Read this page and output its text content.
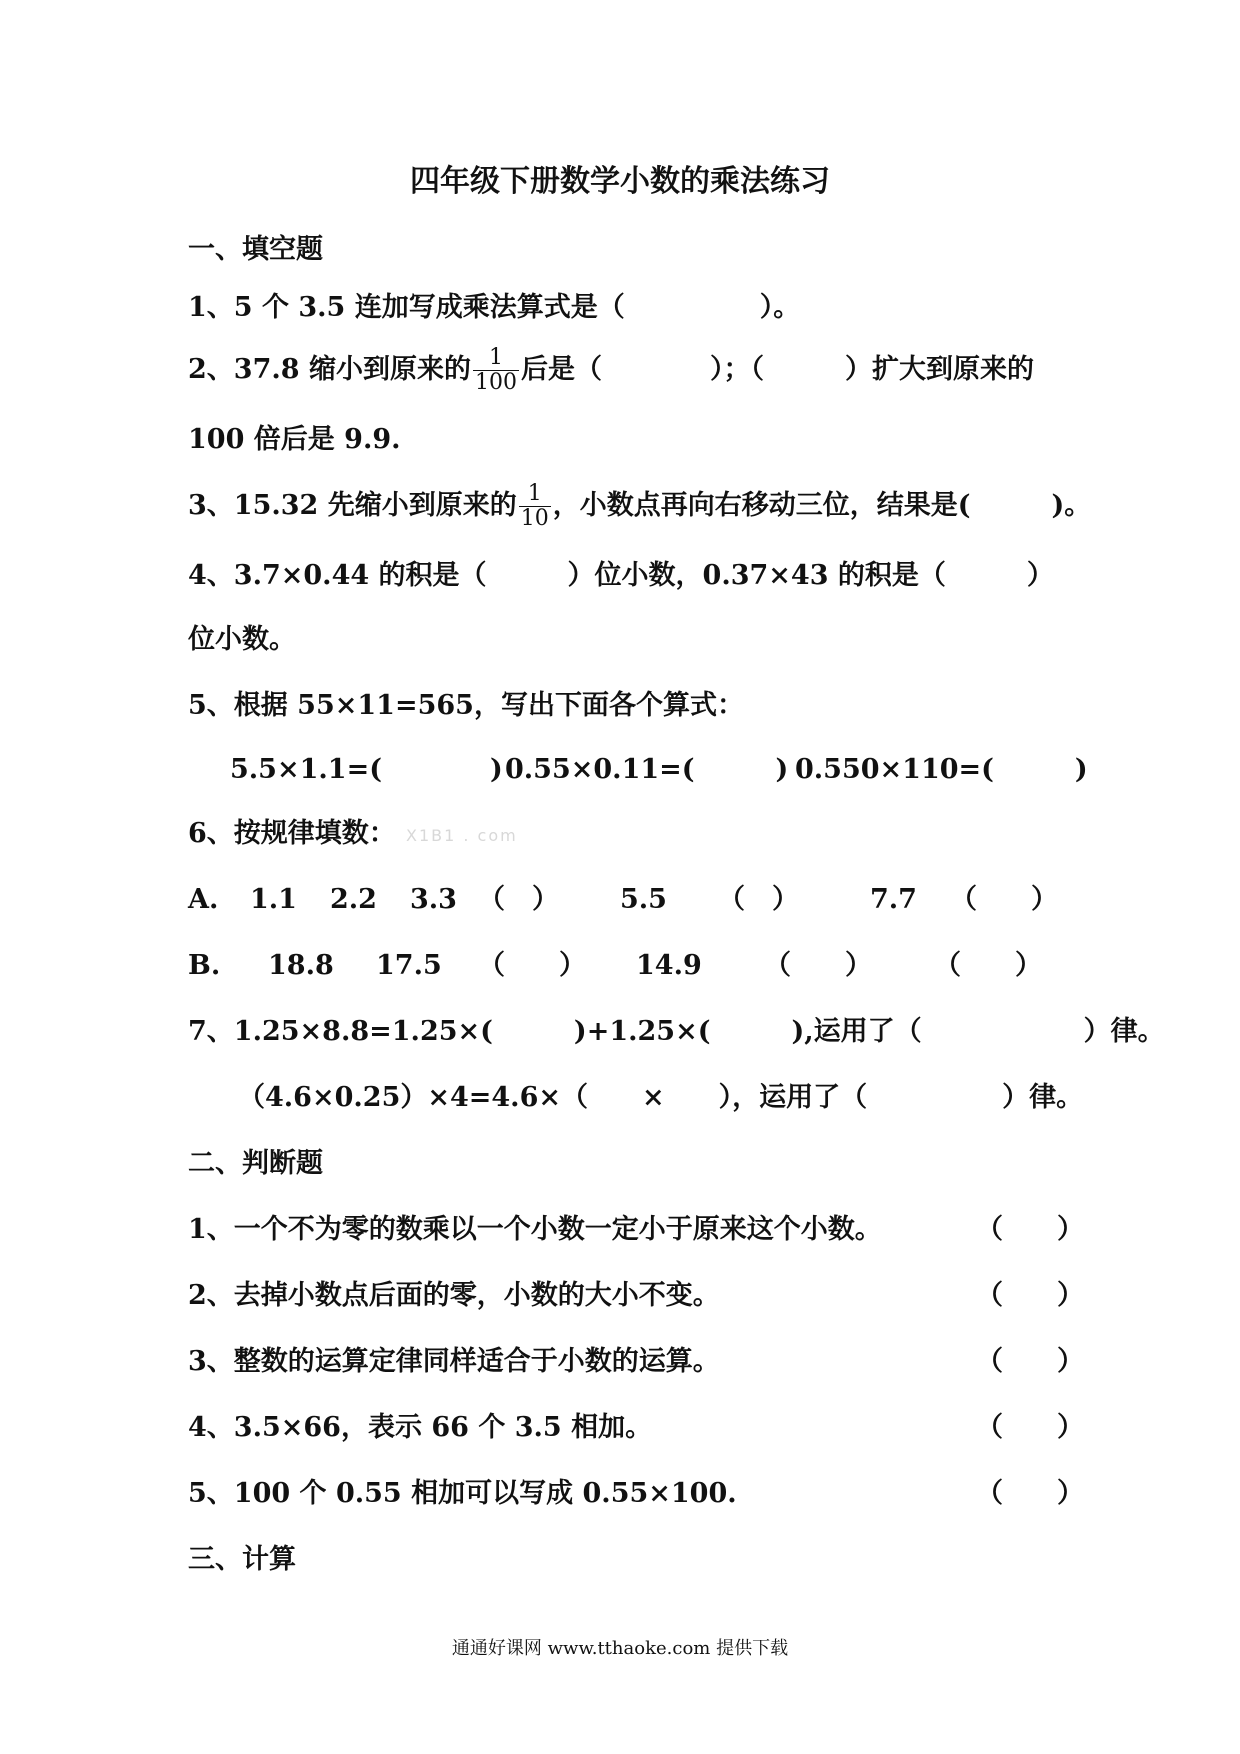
四年级下册数学小数的乘法练习
一、填空题
1、5 个 3.5 连加写成乘法算式是（　　　　　）。
2、37.8 缩小到原来的 $\frac{1}{100}$ 后是（　　　　）；（　　　）扩大到原来的
100 倍后是 9.9.
3、15.32 先缩小到原来的 $\frac{1}{10}$ ，小数点再向右移动三位，结果是(　　　)。
4、3.7×0.44 的积是（　　　）位小数，0.37×43 的积是（　　　）
位小数。
5、根据 55×11=565，写出下面各个算式：
5.5×1.1=(　　　　) 0.55×0.11=(　　　) 0.550×110=(　　　)
6、按规律填数： X1B1 . com
A. 1.1 2.2 3.3 （　） 5.5 （　）	7.7 （　　）
B. 18.8 17.5 （　　） 14.9 （　　） （　　）
7、1.25×8.8=1.25×(　　　)+1.25×(　　　),运用了（　　　　　　）律。
（4.6×0.25）×4=4.6×（　　×　　），运用了（　　　　　）律。
二、判断题
1、一个不为零的数乘以一个小数一定小于原来这个小数。	（　　）
2、去掉小数点后面的零，小数的大小不变。	（　　）
3、整数的运算定律同样适合于小数的运算。	（　　）
4、3.5×66，表示 66 个 3.5 相加。	（　　）
5、100 个 0.55 相加可以写成 0.55×100.	（　　）
三、计算
通通好课网 www.tthaoke.com 提供下载
